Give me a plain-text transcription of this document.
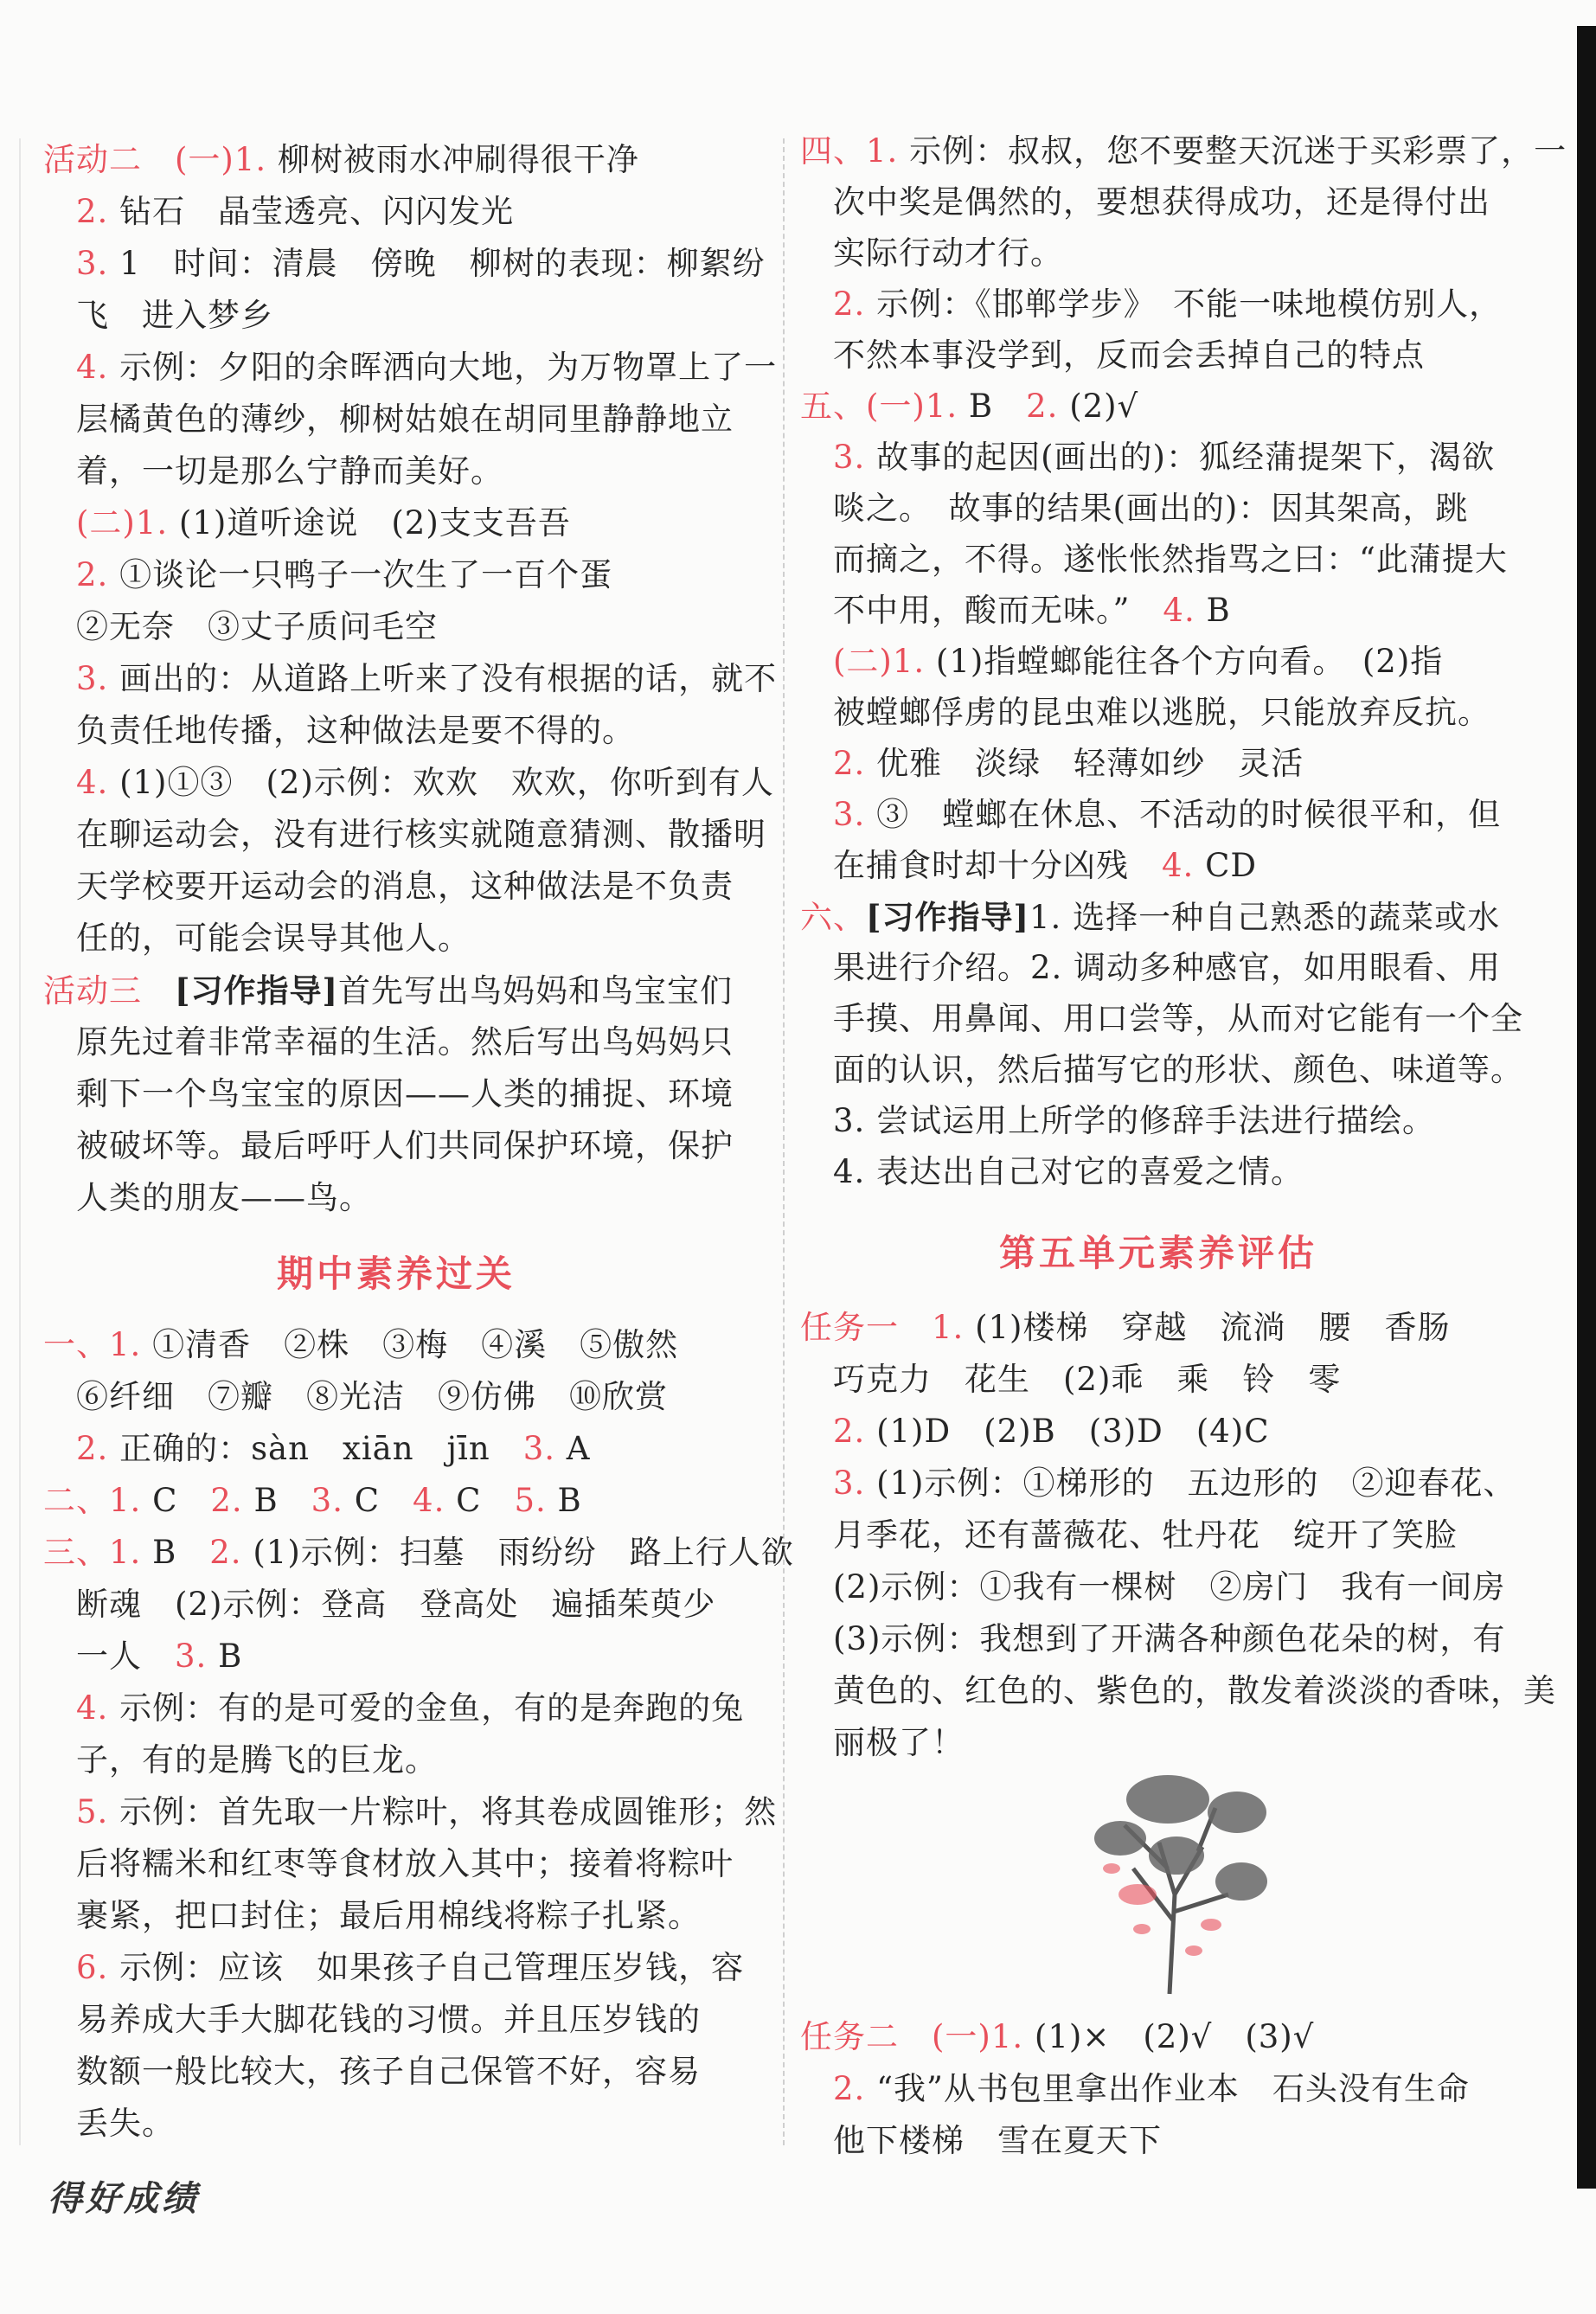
活动二　(一)1. 柳树被雨水冲刷得很干净
　2. 钻石　晶莹透亮、闪闪发光
　3. 1　时间：清晨　傍晚　柳树的表现：柳絮纷
　飞　进入梦乡
　4. 示例：夕阳的余晖洒向大地，为万物罩上了一
　层橘黄色的薄纱，柳树姑娘在胡同里静静地立
　着，一切是那么宁静而美好。
　(二)1. (1)道听途说　(2)支支吾吾
　2. ①谈论一只鸭子一次生了一百个蛋
　②无奈　③丈子质问毛空
　3. 画出的：从道路上听来了没有根据的话，就不
　负责任地传播，这种做法是要不得的。
　4. (1)①③　(2)示例：欢欢　欢欢，你听到有人
　在聊运动会，没有进行核实就随意猜测、散播明
　天学校要开运动会的消息，这种做法是不负责
　任的，可能会误导其他人。
活动三　[习作指导]首先写出鸟妈妈和鸟宝宝们
　原先过着非常幸福的生活。然后写出鸟妈妈只
　剩下一个鸟宝宝的原因——人类的捕捉、环境
　被破坏等。最后呼吁人们共同保护环境，保护
　人类的朋友——鸟。
期中素养过关
一、1. ①清香　②株　③梅　④溪　⑤傲然
　⑥纤细　⑦瓣　⑧光洁　⑨仿佛　⑩欣赏
　2. 正确的：sàn　xiān　jīn　3. A
二、1. C　2. B　3. C　4. C　5. B
三、1. B　2. (1)示例：扫墓　雨纷纷　路上行人欲
　断魂　(2)示例：登高　登高处　遍插茱萸少
　一人　3. B
　4. 示例：有的是可爱的金鱼，有的是奔跑的兔
　子，有的是腾飞的巨龙。
　5. 示例：首先取一片粽叶，将其卷成圆锥形；然
　后将糯米和红枣等食材放入其中；接着将粽叶
　裹紧，把口封住；最后用棉线将粽子扎紧。
　6. 示例：应该　如果孩子自己管理压岁钱，容
　易养成大手大脚花钱的习惯。并且压岁钱的
　数额一般比较大，孩子自己保管不好，容易
　丢失。
四、1. 示例：叔叔，您不要整天沉迷于买彩票了，一
　次中奖是偶然的，要想获得成功，还是得付出
　实际行动才行。
　2. 示例：《邯郸学步》　不能一味地模仿别人，
　不然本事没学到，反而会丢掉自己的特点
五、(一)1. B　2. (2)√
　3. 故事的起因(画出的)：狐经蒲提架下，渴欲
　啖之。　故事的结果(画出的)：因其架高，跳
　而摘之，不得。遂怅怅然指骂之曰：“此蒲提大
　不中用，酸而无味。”　4. B
　(二)1. (1)指螳螂能往各个方向看。　(2)指
　被螳螂俘虏的昆虫难以逃脱，只能放弃反抗。
　2. 优雅　淡绿　轻薄如纱　灵活
　3. ③　螳螂在休息、不活动的时候很平和，但
　在捕食时却十分凶残　4. CD
六、[习作指导]1. 选择一种自己熟悉的蔬菜或水
　果进行介绍。2. 调动多种感官，如用眼看、用
　手摸、用鼻闻、用口尝等，从而对它能有一个全
　面的认识，然后描写它的形状、颜色、味道等。
　3. 尝试运用上所学的修辞手法进行描绘。
　4. 表达出自己对它的喜爱之情。
第五单元素养评估
任务一　1. (1)楼梯　穿越　流淌　腰　香肠
　巧克力　花生　(2)乖　乘　铃　零
　2. (1)D　(2)B　(3)D　(4)C
　3. (1)示例：①梯形的　五边形的　②迎春花、
　月季花，还有蔷薇花、牡丹花　绽开了笑脸
　(2)示例：①我有一棵树　②房门　我有一间房
　(3)示例：我想到了开满各种颜色花朵的树，有
　黄色的、红色的、紫色的，散发着淡淡的香味，美
　丽极了！
任务二　(一)1. (1)×　(2)√　(3)√
　2. “我”从书包里拿出作业本　石头没有生命
　他下楼梯　雪在夏天下
得好成绩
